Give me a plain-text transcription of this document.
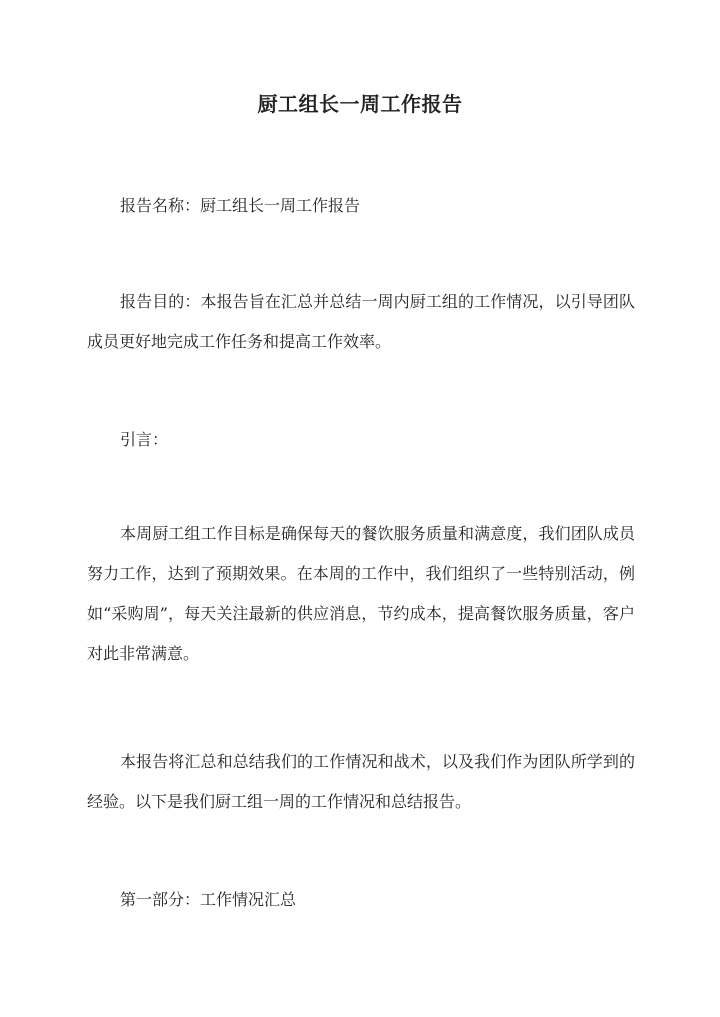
厨工组长一周工作报告

报告名称：厨工组长一周工作报告

报告目的：本报告旨在汇总并总结一周内厨工组的工作情况，以引导团队成员更好地完成工作任务和提高工作效率。

引言：

本周厨工组工作目标是确保每天的餐饮服务质量和满意度，我们团队成员努力工作，达到了预期效果。在本周的工作中，我们组织了一些特别活动，例如“采购周”，每天关注最新的供应消息，节约成本，提高餐饮服务质量，客户对此非常满意。

本报告将汇总和总结我们的工作情况和战术，以及我们作为团队所学到的经验。以下是我们厨工组一周的工作情况和总结报告。

第一部分：工作情况汇总
